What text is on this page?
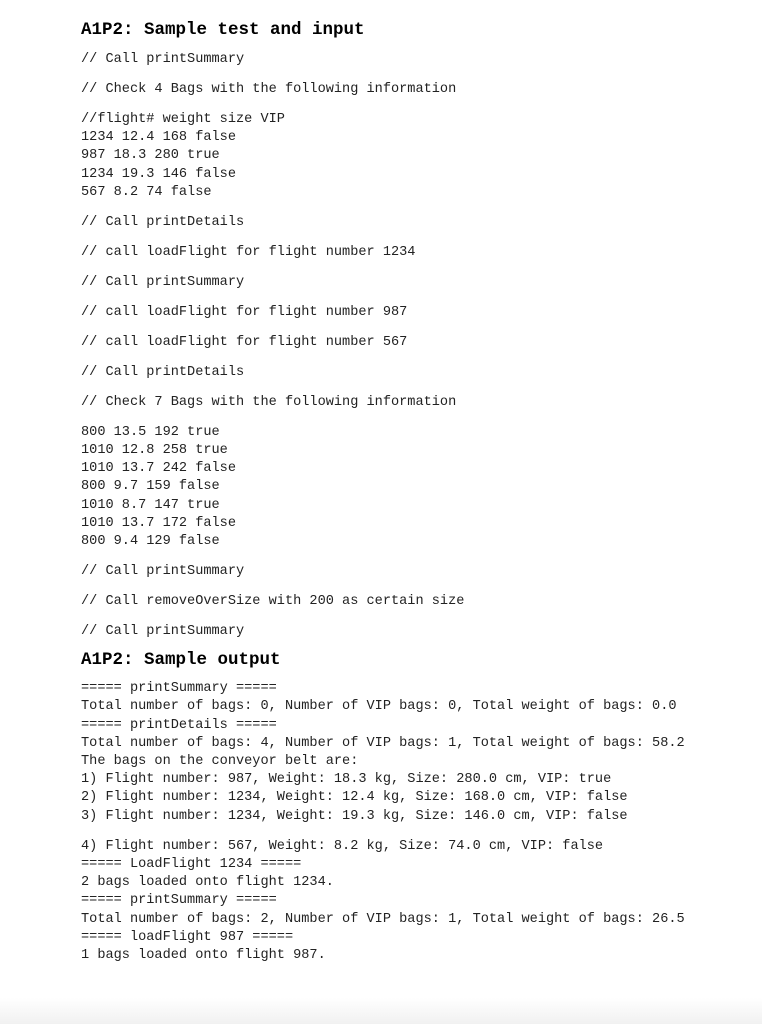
A1P2: Sample test and input
// Call printSummary
// Check 4 Bags with the following information
//flight# weight size VIP
1234 12.4 168 false
987 18.3 280 true
1234 19.3 146 false
567 8.2 74 false
// Call printDetails
// call loadFlight for flight number 1234
// Call printSummary
// call loadFlight for flight number 987
// call loadFlight for flight number 567
// Call printDetails
// Check 7 Bags with the following information
800 13.5 192 true
1010 12.8 258 true
1010 13.7 242 false
800 9.7 159 false
1010 8.7 147 true
1010 13.7 172 false
800 9.4 129 false
// Call printSummary
// Call removeOverSize with 200 as certain size
// Call printSummary
A1P2: Sample output
===== printSummary =====
Total number of bags: 0, Number of VIP bags: 0, Total weight of bags: 0.0
===== printDetails =====
Total number of bags: 4, Number of VIP bags: 1, Total weight of bags: 58.2
The bags on the conveyor belt are:
1) Flight number: 987, Weight: 18.3 kg, Size: 280.0 cm, VIP: true
2) Flight number: 1234, Weight: 12.4 kg, Size: 168.0 cm, VIP: false
3) Flight number: 1234, Weight: 19.3 kg, Size: 146.0 cm, VIP: false
4) Flight number: 567, Weight: 8.2 kg, Size: 74.0 cm, VIP: false
===== LoadFlight 1234 =====
2 bags loaded onto flight 1234.
===== printSummary =====
Total number of bags: 2, Number of VIP bags: 1, Total weight of bags: 26.5
===== loadFlight 987 =====
1 bags loaded onto flight 987.
